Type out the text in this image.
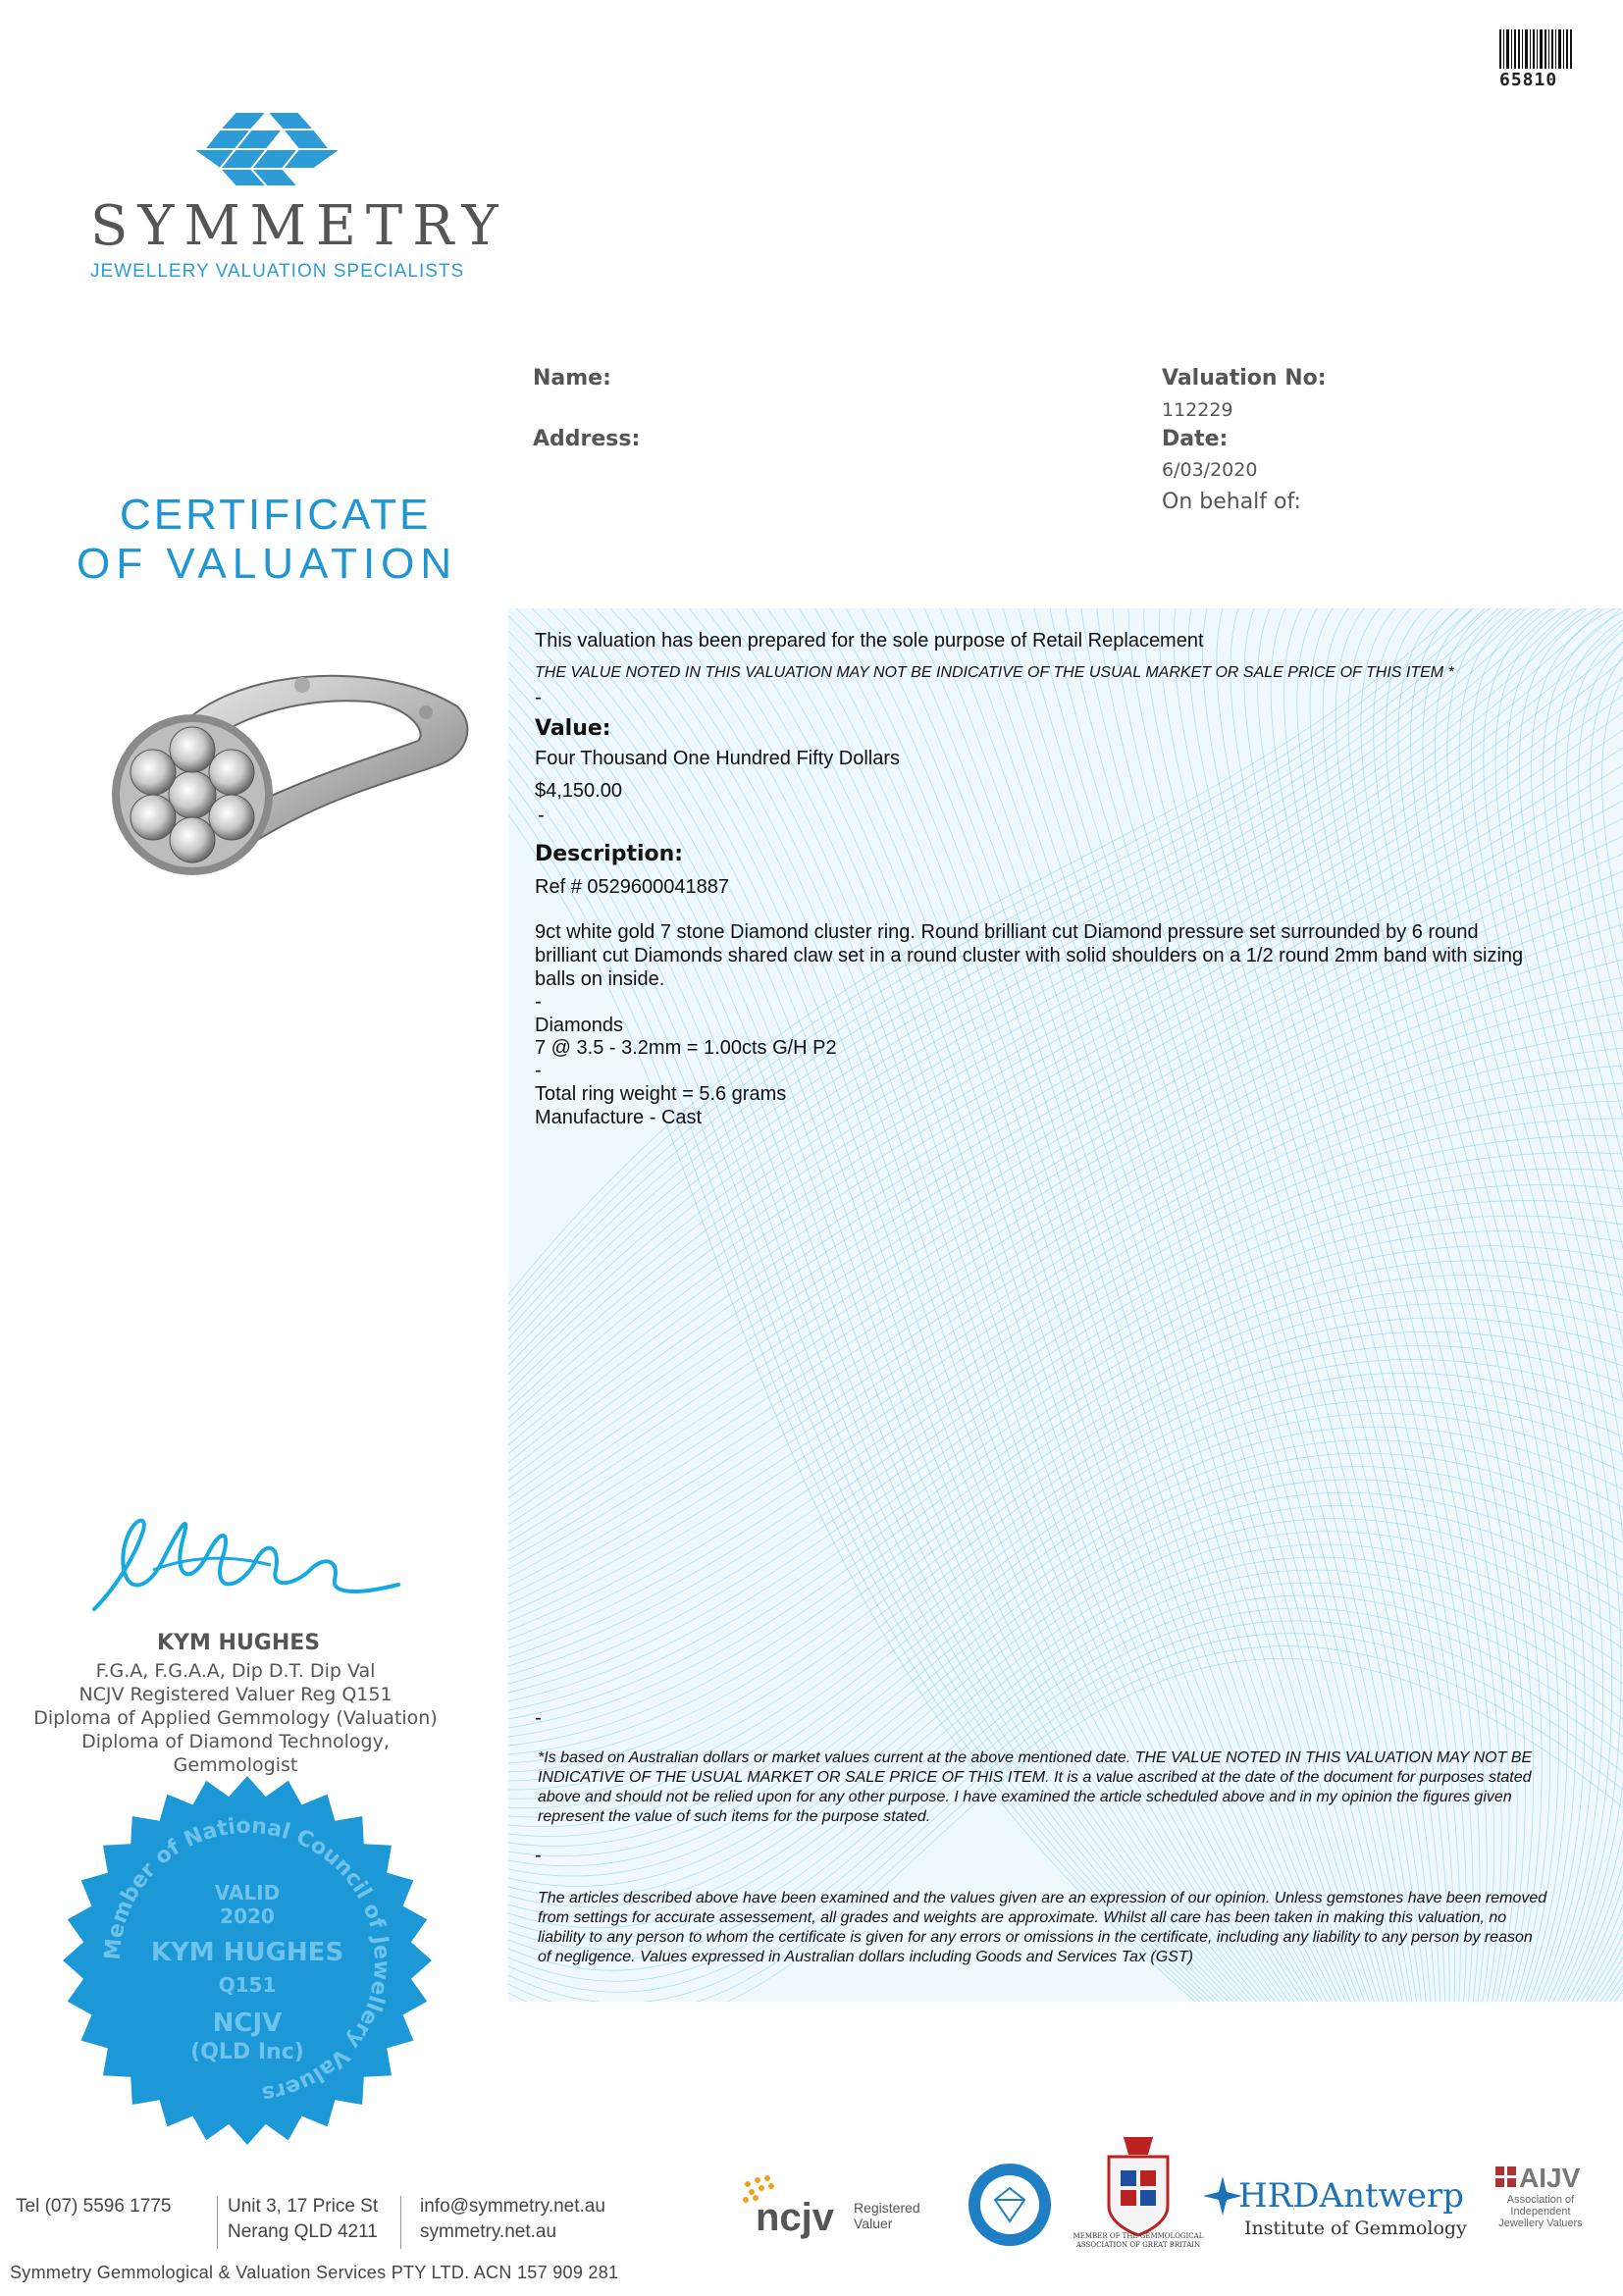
65810
SYMMETRY
JEWELLERY VALUATION SPECIALISTS
CERTIFICATE
OF VALUATION
Name:
Address:
Valuation No:
112229
Date:
6/03/2020
On behalf of:
This valuation has been prepared for the sole purpose of Retail Replacement
THE VALUE NOTED IN THIS VALUATION MAY NOT BE INDICATIVE OF THE USUAL MARKET OR SALE PRICE OF THIS ITEM *
-
Value:
Four Thousand One Hundred Fifty Dollars
$4,150.00
-
Description:
Ref # 0529600041887
9ct white gold 7 stone Diamond cluster ring. Round brilliant cut Diamond pressure set surrounded by 6 round brilliant cut Diamonds shared claw set in a round cluster with solid shoulders on a 1/2 round 2mm band with sizing balls on inside.
-
Diamonds
7 @ 3.5 - 3.2mm = 1.00cts G/H P2
-
Total ring weight = 5.6 grams
Manufacture - Cast
-
*Is based on Australian dollars or market values current at the above mentioned date. THE VALUE NOTED IN THIS VALUATION MAY NOT BE INDICATIVE OF THE USUAL MARKET OR SALE PRICE OF THIS ITEM. It is a value ascribed at the date of the document for purposes stated above and should not be relied upon for any other purpose. I have examined the article scheduled above and in my opinion the figures given represent the value of such items for the purpose stated.
-
The articles described above have been examined and the values given are an expression of our opinion. Unless gemstones have been removed from settings for accurate assessement, all grades and weights are approximate. Whilst all care has been taken in making this valuation, no liability to any person to whom the certificate is given for any errors or omissions in the certificate, including any liability to any person by reason of negligence. Values expressed in Australian dollars including Goods and Services Tax (GST)
KYM HUGHES
F.G.A, F.G.A.A, Dip D.T. Dip Val
NCJV Registered Valuer Reg Q151
Diploma of Applied Gemmology (Valuation)
Diploma of Diamond Technology,
Gemmologist
Member of National Council of Jewellery Valuers
VALID
2020
KYM HUGHES
Q151
NCJV
(QLD Inc)
Tel (07) 5596 1775	Unit 3, 17 Price St
Nerang QLD 4211
info@symmetry.net.au
symmetry.net.au
Symmetry Gemmological & Valuation Services PTY LTD. ACN 157 909 281
ncjv Registered
Valuer
MEMBER OF THE GEMMOLOGICAL ASSOCIATION OF GREAT BRITAIN
HRDAntwerp
Institute of Gemmology
AIJV
Association of Independent Jewellery Valuers
